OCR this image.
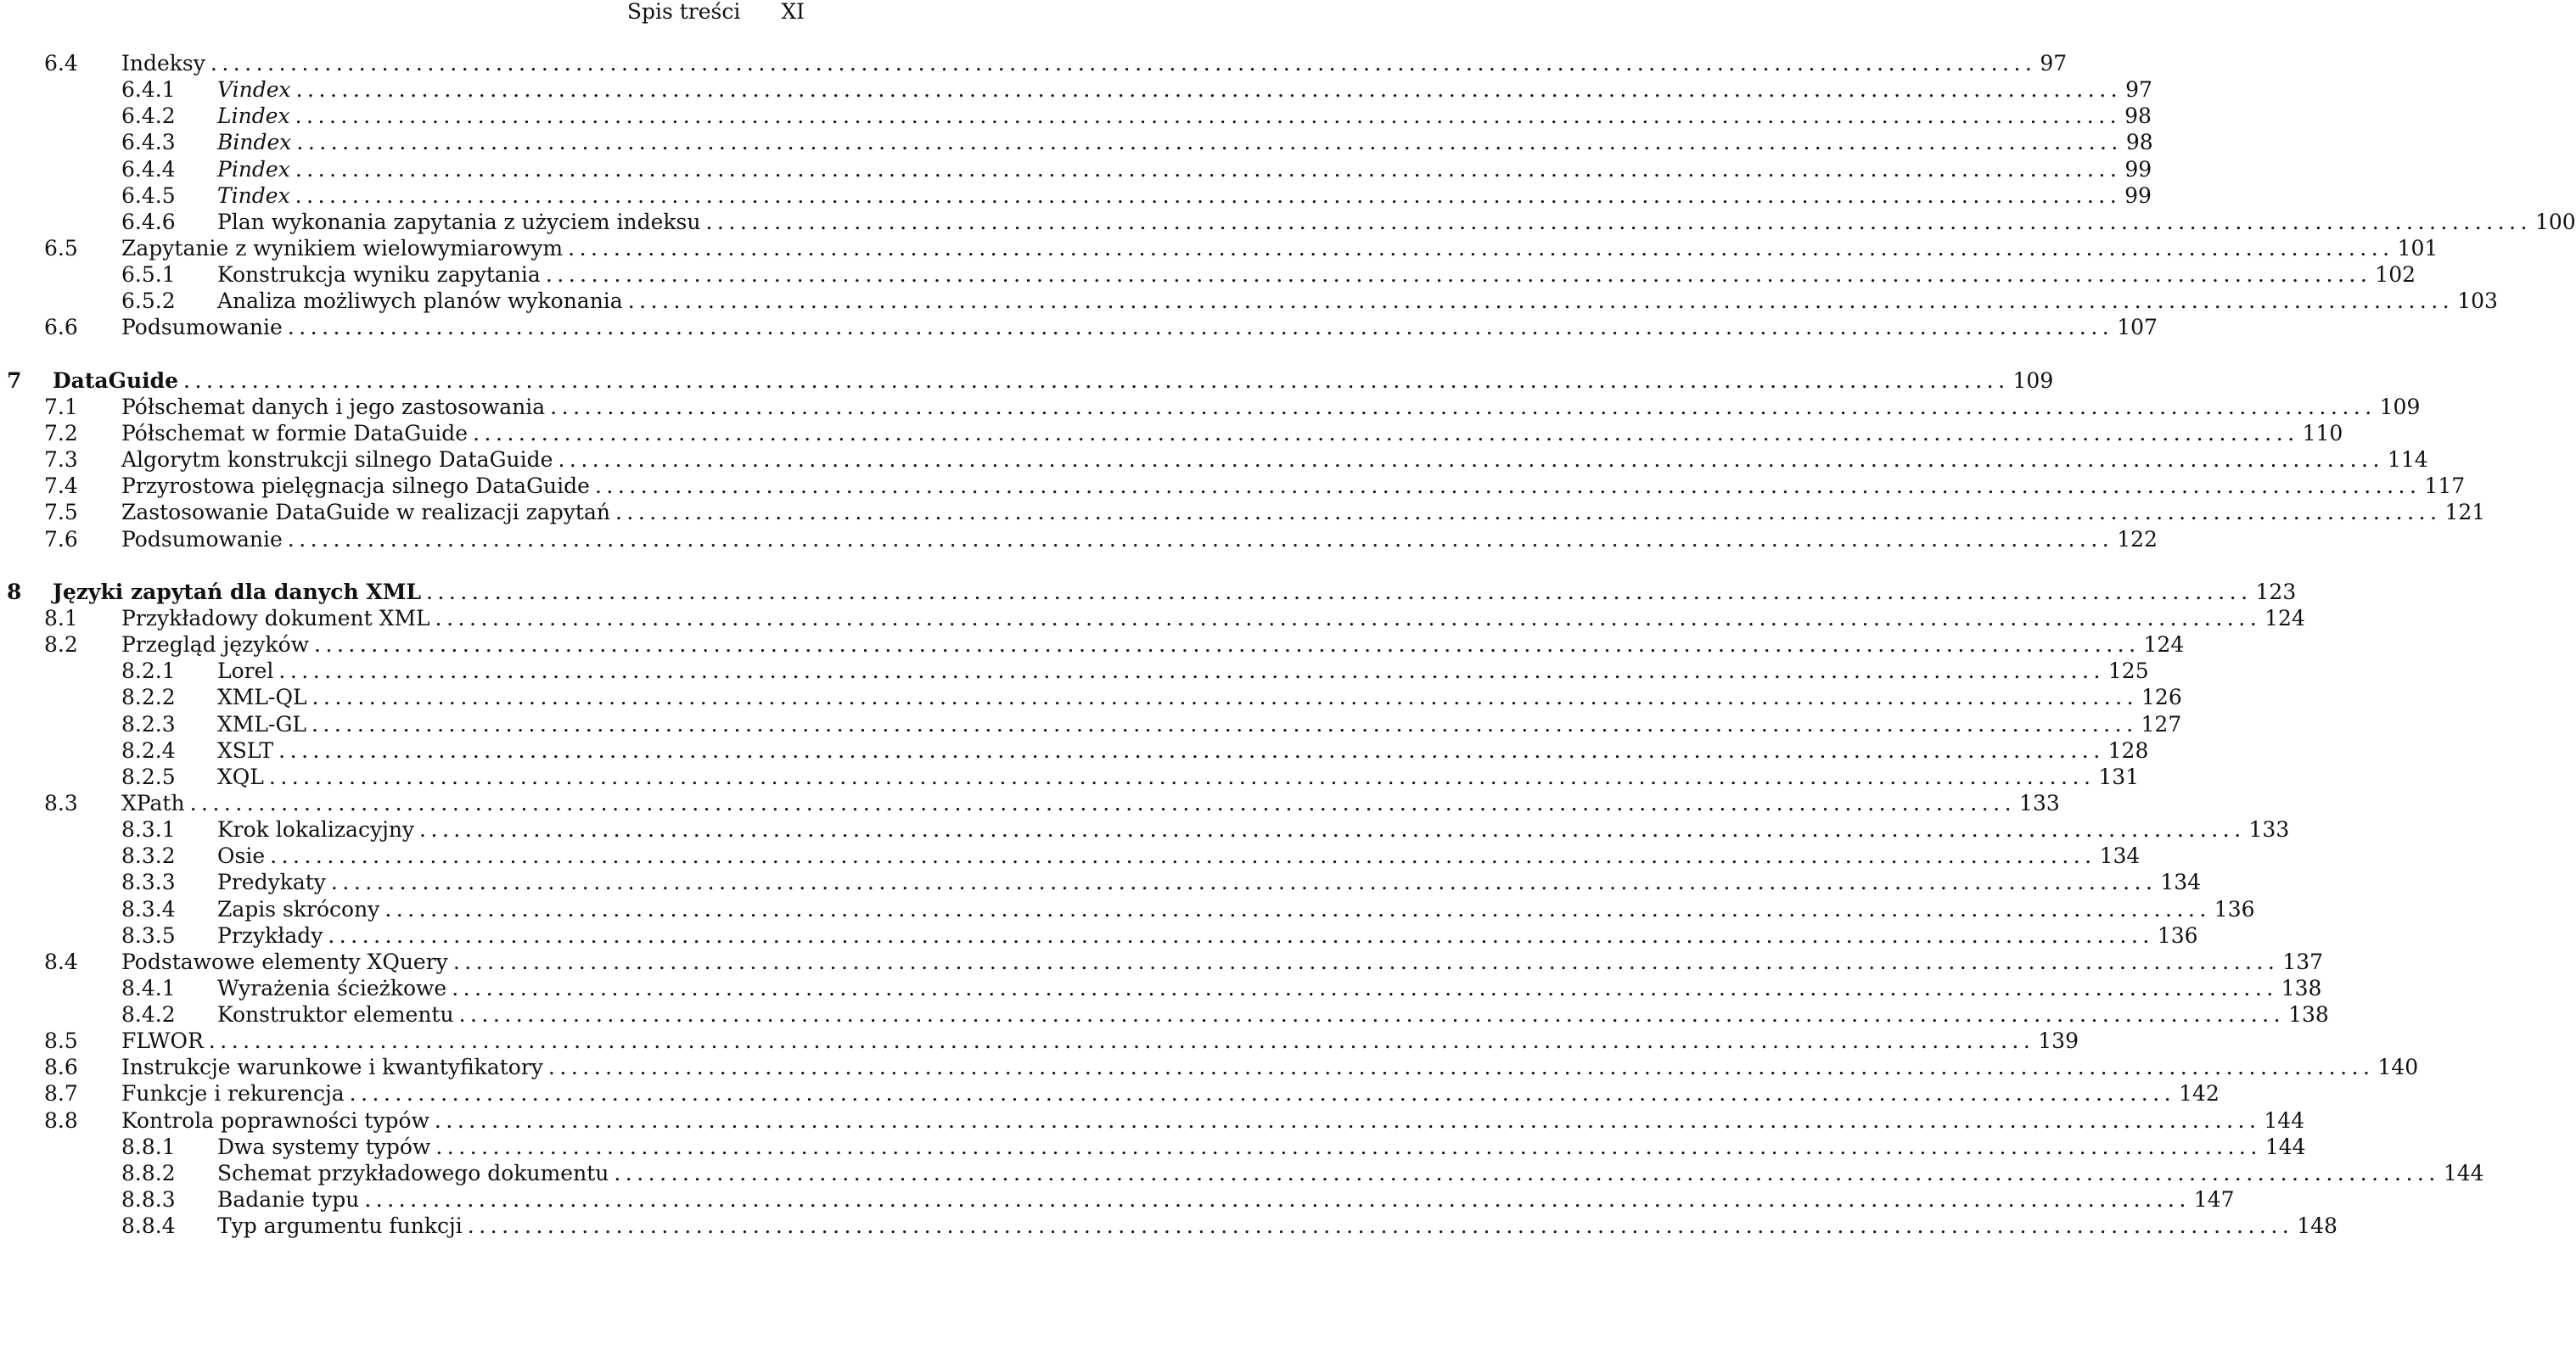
Spis treści XI
6.4 Indeksy ................................................................................................................................................................ 97
6.4.1 Vindex ................................................................................................................................................................ 97
6.4.2 Lindex ................................................................................................................................................................ 98
6.4.3 Bindex ................................................................................................................................................................ 98
6.4.4 Pindex ................................................................................................................................................................ 99
6.4.5 Tindex ................................................................................................................................................................ 99
6.4.6 Plan wykonania zapytania z użyciem indeksu ................................................................................................................................................................ 100
6.5 Zapytanie z wynikiem wielowymiarowym ................................................................................................................................................................ 101
6.5.1 Konstrukcja wyniku zapytania ................................................................................................................................................................ 102
6.5.2 Analiza możliwych planów wykonania ................................................................................................................................................................ 103
6.6 Podsumowanie ................................................................................................................................................................ 107
7 DataGuide ................................................................................................................................................................ 109
7.1 Półschemat danych i jego zastosowania ................................................................................................................................................................ 109
7.2 Półschemat w formie DataGuide ................................................................................................................................................................ 110
7.3 Algorytm konstrukcji silnego DataGuide ................................................................................................................................................................ 114
7.4 Przyrostowa pielęgnacja silnego DataGuide ................................................................................................................................................................ 117
7.5 Zastosowanie DataGuide w realizacji zapytań ................................................................................................................................................................ 121
7.6 Podsumowanie ................................................................................................................................................................ 122
8 Języki zapytań dla danych XML ................................................................................................................................................................ 123
8.1 Przykładowy dokument XML ................................................................................................................................................................ 124
8.2 Przegląd języków ................................................................................................................................................................ 124
8.2.1 Lorel ................................................................................................................................................................ 125
8.2.2 XML-QL ................................................................................................................................................................ 126
8.2.3 XML-GL ................................................................................................................................................................ 127
8.2.4 XSLT ................................................................................................................................................................ 128
8.2.5 XQL ................................................................................................................................................................ 131
8.3 XPath ................................................................................................................................................................ 133
8.3.1 Krok lokalizacyjny ................................................................................................................................................................ 133
8.3.2 Osie ................................................................................................................................................................ 134
8.3.3 Predykaty ................................................................................................................................................................ 134
8.3.4 Zapis skrócony ................................................................................................................................................................ 136
8.3.5 Przykłady ................................................................................................................................................................ 136
8.4 Podstawowe elementy XQuery ................................................................................................................................................................ 137
8.4.1 Wyrażenia ścieżkowe ................................................................................................................................................................ 138
8.4.2 Konstruktor elementu ................................................................................................................................................................ 138
8.5 FLWOR ................................................................................................................................................................ 139
8.6 Instrukcje warunkowe i kwantyfikatory ................................................................................................................................................................ 140
8.7 Funkcje i rekurencja ................................................................................................................................................................ 142
8.8 Kontrola poprawności typów ................................................................................................................................................................ 144
8.8.1 Dwa systemy typów ................................................................................................................................................................ 144
8.8.2 Schemat przykładowego dokumentu ................................................................................................................................................................ 144
8.8.3 Badanie typu ................................................................................................................................................................ 147
8.8.4 Typ argumentu funkcji ................................................................................................................................................................ 148
